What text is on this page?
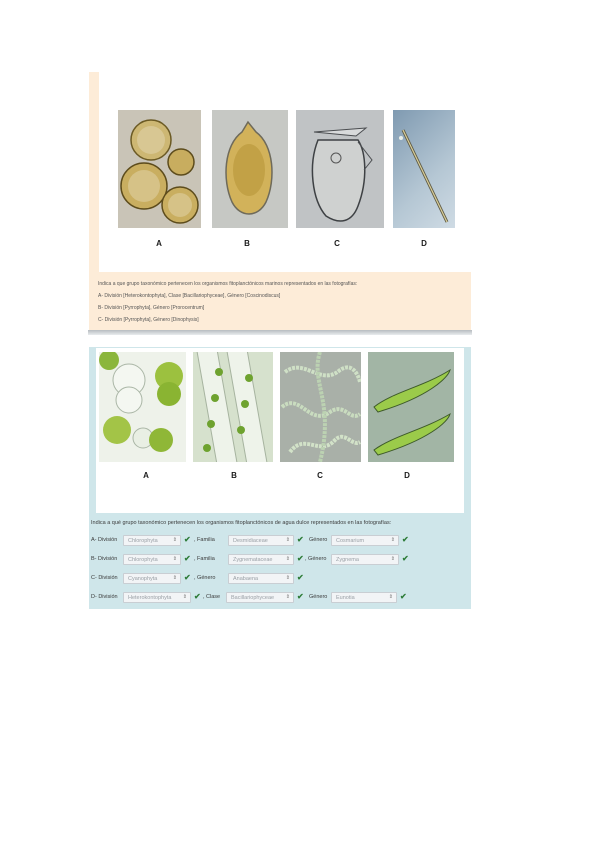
A	B	C	D
Indica a que grupo taxonómico pertenecen los organismos fitoplanctónicos marinos representados en las fotografías:
A- División [Heterokontophyta], Clase [Bacillariophyceae], Género [Coscinodiscus]
B- División [Pyrrophyta], Género [Prorocentrum]
C- División [Pyrrophyta], Género [Dinophysis]
A	B	C	D
Indica a qué grupo taxonómico pertenecen los organismos fitoplanctónicos de agua dulce representados en las fotografías:
A- División Chlorophyta	⇕ ✔ , Familia	Desmidiaceae	⇕ ✔ Género Cosmarium	⇕ ✔
B- División Chlorophyta	⇕ ✔ , Familia	Zygnemataceae	⇕ ✔ , Género Zygnema	⇕ ✔
C- División Cyanophyta	⇕ ✔ , Género	Anabaena	⇕ ✔
D- División Heterokontophyta ⇕ ✔ , Clase Bacillariophyceae ⇕ ✔ Género Eunotia	⇕ ✔
